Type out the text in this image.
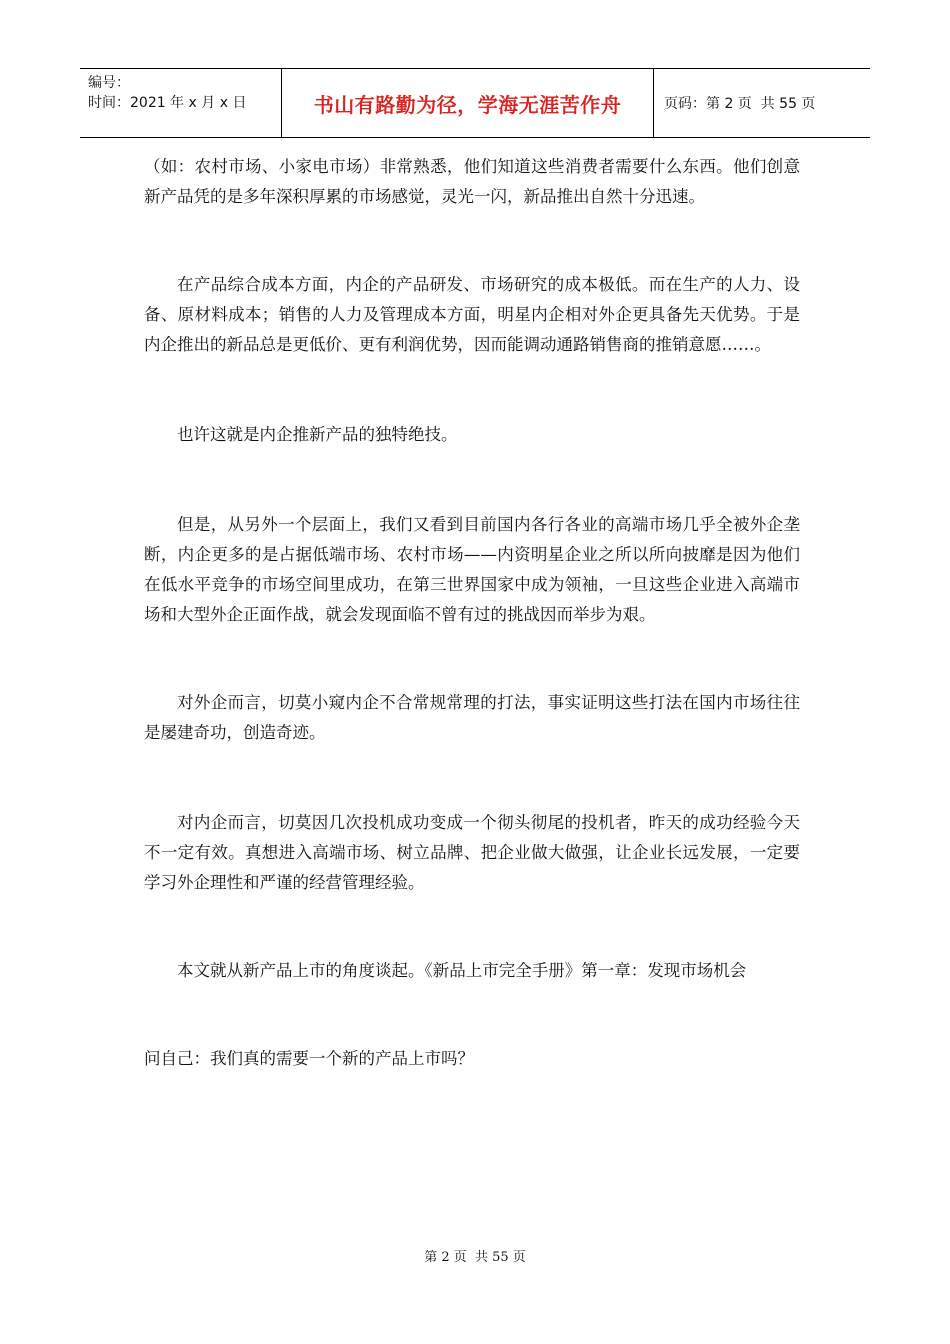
编号：
时间：2021 年 x 月 x 日	书山有路勤为径，学海无涯苦作舟	页码：第 2 页  共 55 页

（如：农村市场、小家电市场）非常熟悉，他们知道这些消费者需要什么东西。他们创意新产品凭的是多年深积厚累的市场感觉，灵光一闪，新品推出自然十分迅速。

在产品综合成本方面，内企的产品研发、市场研究的成本极低。而在生产的人力、设备、原材料成本；销售的人力及管理成本方面，明星内企相对外企更具备先天优势。于是内企推出的新品总是更低价、更有利润优势，因而能调动通路销售商的推销意愿……。

也许这就是内企推新产品的独特绝技。

但是，从另外一个层面上，我们又看到目前国内各行各业的高端市场几乎全被外企垄断，内企更多的是占据低端市场、农村市场——内资明星企业之所以所向披靡是因为他们在低水平竞争的市场空间里成功，在第三世界国家中成为领袖，一旦这些企业进入高端市场和大型外企正面作战，就会发现面临不曾有过的挑战因而举步为艰。

对外企而言，切莫小窥内企不合常规常理的打法，事实证明这些打法在国内市场往往是屡建奇功，创造奇迹。

对内企而言，切莫因几次投机成功变成一个彻头彻尾的投机者，昨天的成功经验今天不一定有效。真想进入高端市场、树立品牌、把企业做大做强，让企业长远发展，一定要学习外企理性和严谨的经营管理经验。

本文就从新产品上市的角度谈起。《新品上市完全手册》第一章：发现市场机会

问自己：我们真的需要一个新的产品上市吗？

第 2 页  共 55 页
